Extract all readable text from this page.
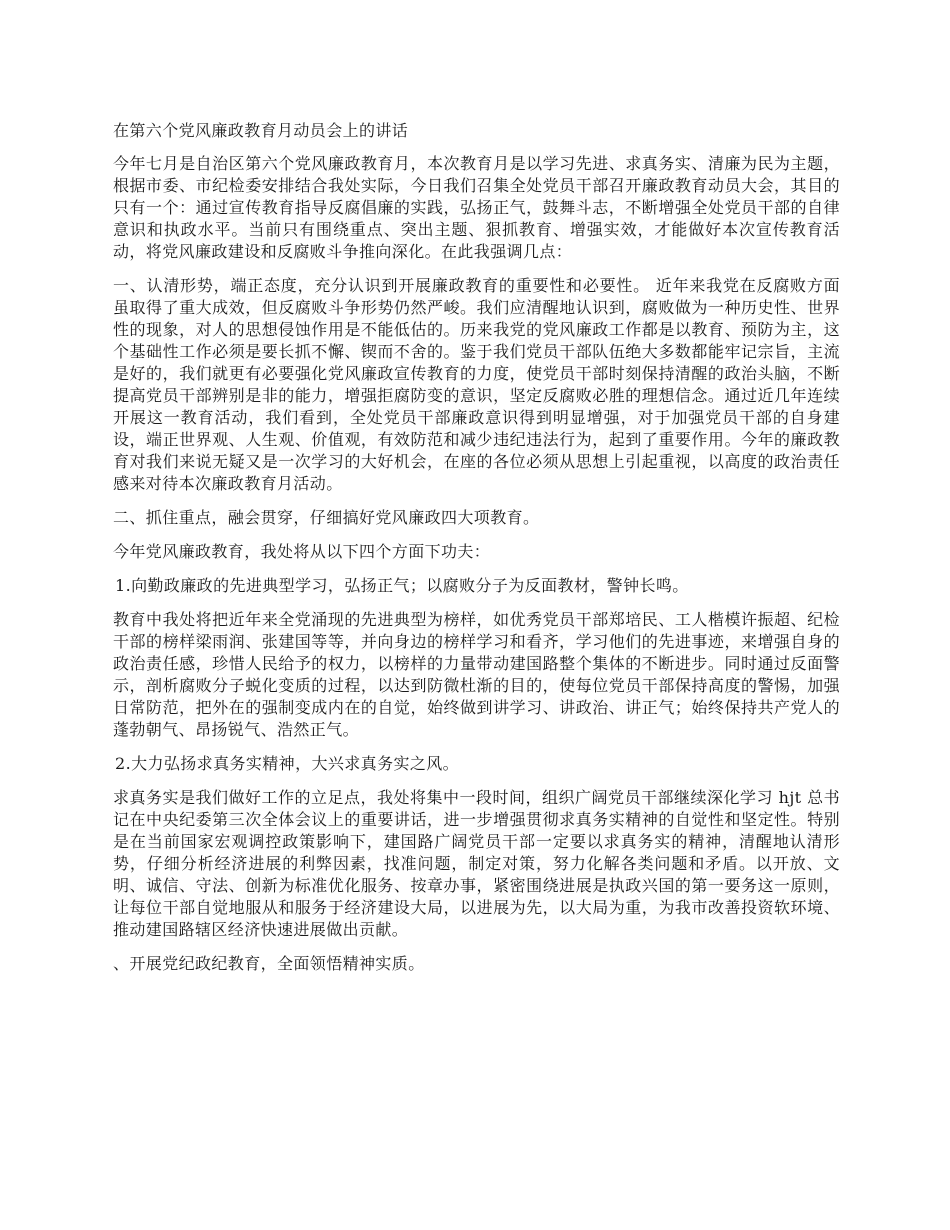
在第六个党风廉政教育月动员会上的讲话

今年七月是自治区第六个党风廉政教育月，本次教育月是以学习先进、求真务实、清廉为民为主题，根据市委、市纪检委安排结合我处实际，今日我们召集全处党员干部召开廉政教育动员大会，其目的只有一个：通过宣传教育指导反腐倡廉的实践，弘扬正气，鼓舞斗志，不断增强全处党员干部的自律意识和执政水平。当前只有围绕重点、突出主题、狠抓教育、增强实效，才能做好本次宣传教育活动，将党风廉政建设和反腐败斗争推向深化。在此我强调几点：

一、认清形势，端正态度，充分认识到开展廉政教育的重要性和必要性。 近年来我党在反腐败方面虽取得了重大成效，但反腐败斗争形势仍然严峻。我们应清醒地认识到，腐败做为一种历史性、世界性的现象，对人的思想侵蚀作用是不能低估的。历来我党的党风廉政工作都是以教育、预防为主，这个基础性工作必须是要长抓不懈、锲而不舍的。鉴于我们党员干部队伍绝大多数都能牢记宗旨，主流是好的，我们就更有必要强化党风廉政宣传教育的力度，使党员干部时刻保持清醒的政治头脑，不断提高党员干部辨别是非的能力，增强拒腐防变的意识，坚定反腐败必胜的理想信念。通过近几年连续开展这一教育活动，我们看到，全处党员干部廉政意识得到明显增强，对于加强党员干部的自身建设，端正世界观、人生观、价值观，有效防范和减少违纪违法行为，起到了重要作用。今年的廉政教育对我们来说无疑又是一次学习的大好机会，在座的各位必须从思想上引起重视，以高度的政治责任感来对待本次廉政教育月活动。

二、抓住重点，融会贯穿，仔细搞好党风廉政四大项教育。

今年党风廉政教育，我处将从以下四个方面下功夫：

1.向勤政廉政的先进典型学习，弘扬正气；以腐败分子为反面教材，警钟长鸣。

教育中我处将把近年来全党涌现的先进典型为榜样，如优秀党员干部郑培民、工人楷模许振超、纪检干部的榜样梁雨润、张建国等等，并向身边的榜样学习和看齐，学习他们的先进事迹，来增强自身的政治责任感，珍惜人民给予的权力，以榜样的力量带动建国路整个集体的不断进步。同时通过反面警示，剖析腐败分子蜕化变质的过程，以达到防微杜渐的目的，使每位党员干部保持高度的警惕，加强日常防范，把外在的强制变成内在的自觉，始终做到讲学习、讲政治、讲正气；始终保持共产党人的蓬勃朝气、昂扬锐气、浩然正气。

2.大力弘扬求真务实精神，大兴求真务实之风。

求真务实是我们做好工作的立足点，我处将集中一段时间，组织广阔党员干部继续深化学习 hjt 总书记在中央纪委第三次全体会议上的重要讲话，进一步增强贯彻求真务实精神的自觉性和坚定性。特别是在当前国家宏观调控政策影响下，建国路广阔党员干部一定要以求真务实的精神，清醒地认清形势，仔细分析经济进展的利弊因素，找准问题，制定对策，努力化解各类问题和矛盾。以开放、文明、诚信、守法、创新为标准优化服务、按章办事，紧密围绕进展是执政兴国的第一要务这一原则，让每位干部自觉地服从和服务于经济建设大局，以进展为先，以大局为重，为我市改善投资软环境、推动建国路辖区经济快速进展做出贡献。

、开展党纪政纪教育，全面领悟精神实质。
